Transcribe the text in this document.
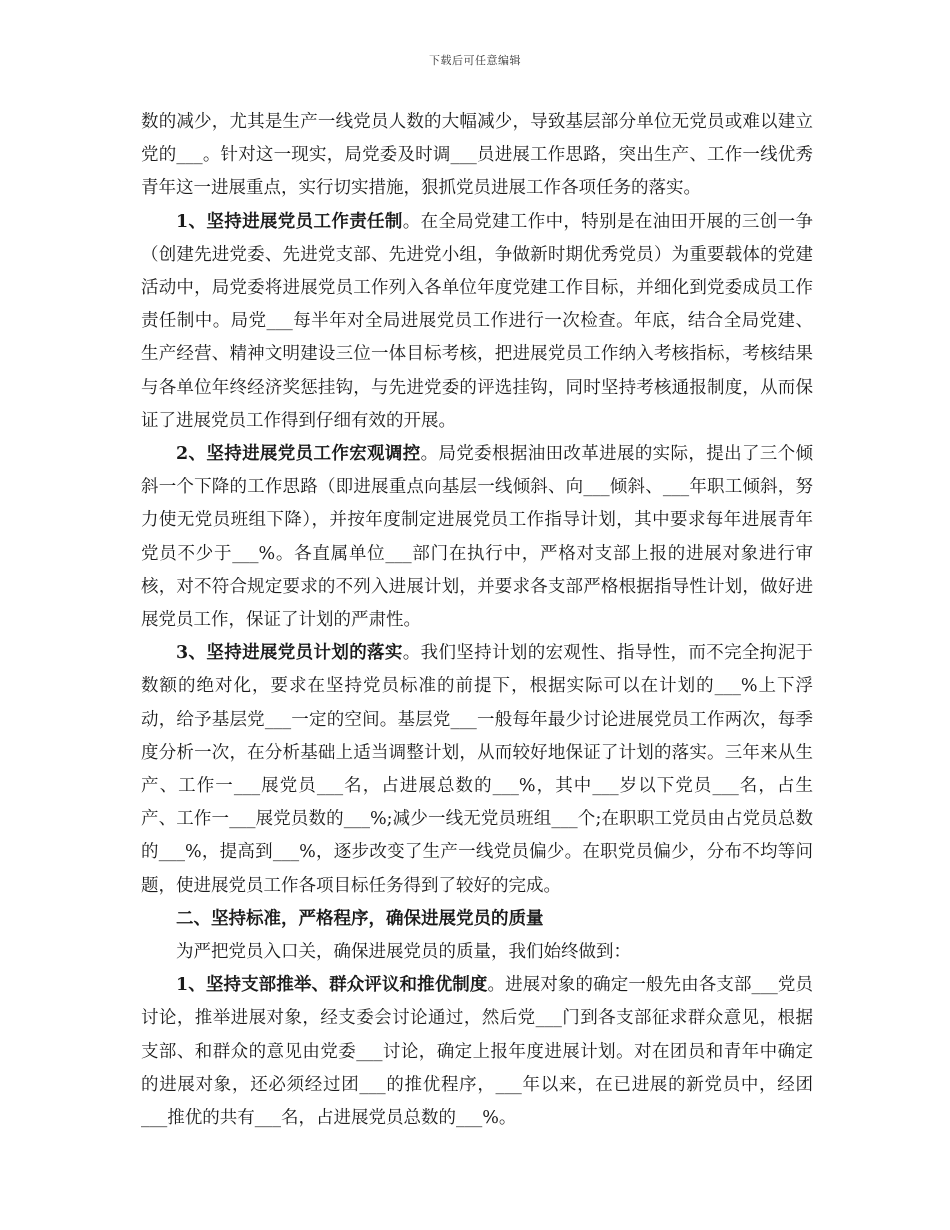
下载后可任意编辑

数的减少，尤其是生产一线党员人数的大幅减少，导致基层部分单位无党员或难以建立党的___。针对这一现实，局党委及时调___员进展工作思路，突出生产、工作一线优秀青年这一进展重点，实行切实措施，狠抓党员进展工作各项任务的落实。

1、坚持进展党员工作责任制。在全局党建工作中，特别是在油田开展的三创一争（创建先进党委、先进党支部、先进党小组，争做新时期优秀党员）为重要载体的党建活动中，局党委将进展党员工作列入各单位年度党建工作目标，并细化到党委成员工作责任制中。局党___每半年对全局进展党员工作进行一次检查。年底，结合全局党建、生产经营、精神文明建设三位一体目标考核，把进展党员工作纳入考核指标，考核结果与各单位年终经济奖惩挂钩，与先进党委的评选挂钩，同时坚持考核通报制度，从而保证了进展党员工作得到仔细有效的开展。

2、坚持进展党员工作宏观调控。局党委根据油田改革进展的实际，提出了三个倾斜一个下降的工作思路（即进展重点向基层一线倾斜、向___倾斜、___年职工倾斜，努力使无党员班组下降），并按年度制定进展党员工作指导计划，其中要求每年进展青年党员不少于___%。各直属单位___部门在执行中，严格对支部上报的进展对象进行审核，对不符合规定要求的不列入进展计划，并要求各支部严格根据指导性计划，做好进展党员工作，保证了计划的严肃性。

3、坚持进展党员计划的落实。我们坚持计划的宏观性、指导性，而不完全拘泥于数额的绝对化，要求在坚持党员标准的前提下，根据实际可以在计划的___%上下浮动，给予基层党___一定的空间。基层党___一般每年最少讨论进展党员工作两次，每季度分析一次，在分析基础上适当调整计划，从而较好地保证了计划的落实。三年来从生产、工作一___展党员___名，占进展总数的___%，其中___岁以下党员___名，占生产、工作一___展党员数的___%;减少一线无党员班组___个;在职职工党员由占党员总数的___%，提高到___%，逐步改变了生产一线党员偏少。在职党员偏少，分布不均等问题，使进展党员工作各项目标任务得到了较好的完成。

二、坚持标准，严格程序，确保进展党员的质量

为严把党员入口关，确保进展党员的质量，我们始终做到：

1、坚持支部推举、群众评议和推优制度。进展对象的确定一般先由各支部___党员讨论，推举进展对象，经支委会讨论通过，然后党___门到各支部征求群众意见，根据支部、和群众的意见由党委___讨论，确定上报年度进展计划。对在团员和青年中确定的进展对象，还必须经过团___的推优程序，___年以来，在已进展的新党员中，经团___推优的共有___名，占进展党员总数的___%。
